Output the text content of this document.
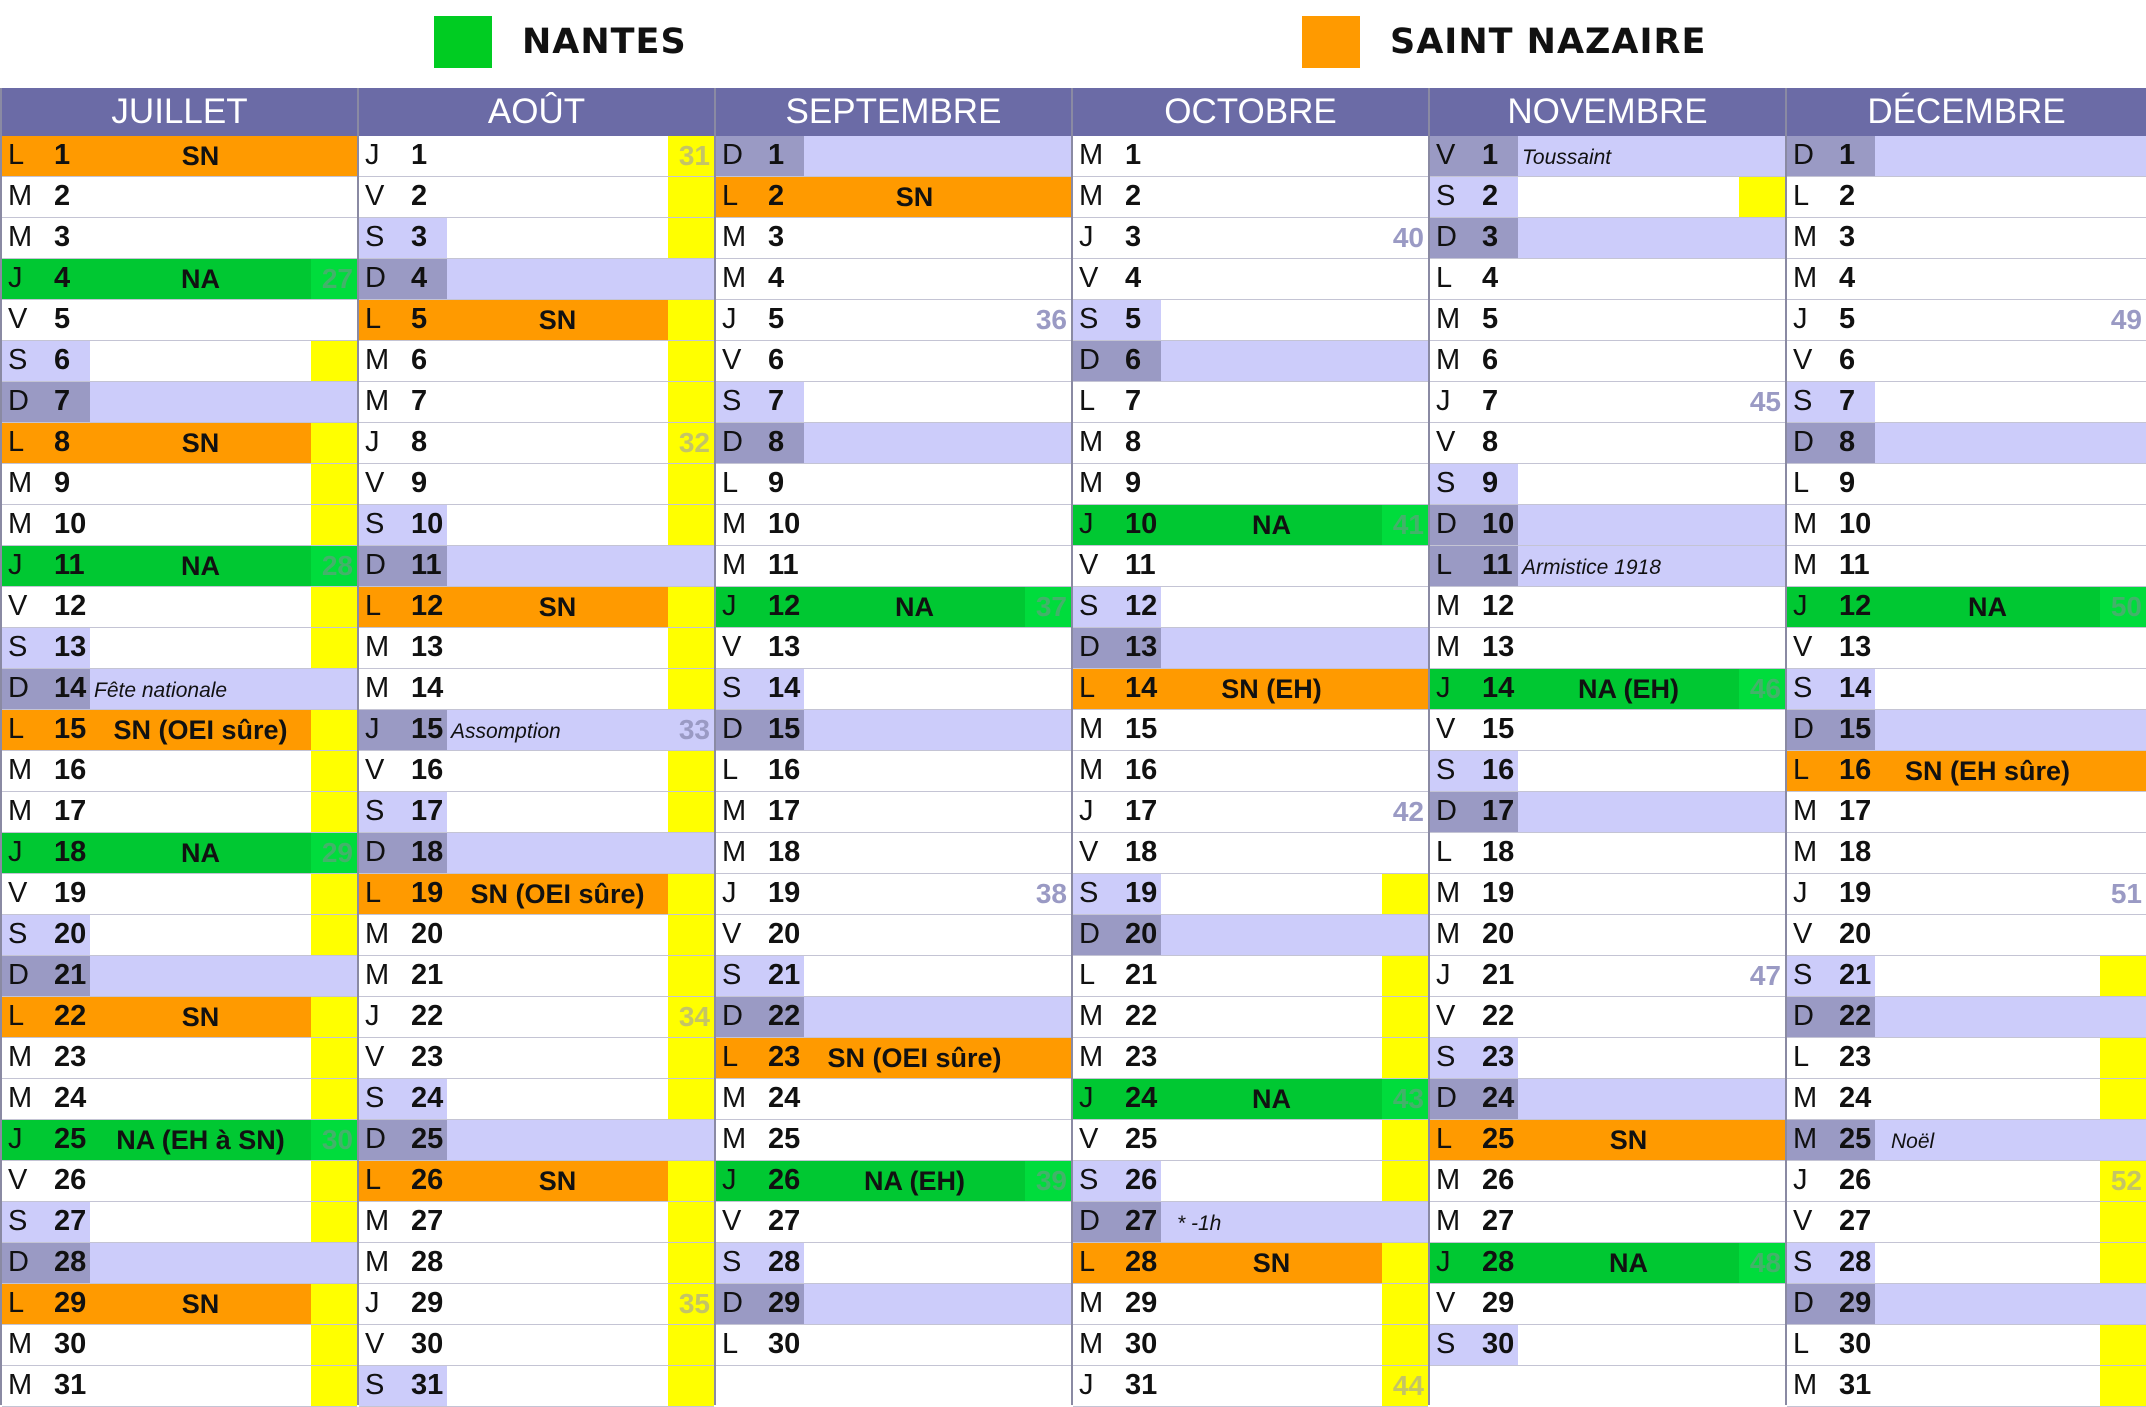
NANTES	SAINT NAZAIRE
JUILLET
L 1	SN
M 2
M 3
J 4	NA	27
V 5
S 6
D 7
L 8	SN
M 9
M 10
J 11	NA	28
V 12
S 13
D 14 Fête nationale
L 15	SN (OEI sûre)
M 16
M 17
J 18	NA	29
V 19
S 20
D 21
L 22	SN
M 23
M 24
J 25	NA (EH à SN)	30
V 26
S 27
D 28
L 29	SN
M 30
M 31
AOÛT
J 1	31
V 2
S 3
D 4
L 5	SN
M 6
M 7
J 8	32
V 9
S 10
D 11
L 12	SN
M 13
M 14
J 15 Assomption	33
V 16
S 17
D 18
L 19	SN (OEI sûre)
M 20
M 21
J 22	34
V 23
S 24
D 25
L 26	SN
M 27
M 28
J 29	35
V 30
S 31
SEPTEMBRE
D 1
L 2	SN
M 3
M 4
J 5	36
V 6
S 7
D 8
L 9
M 10
M 11
J 12	NA	37
V 13
S 14
D 15
L 16
M 17
M 18
J 19	38
V 20
S 21
D 22
L 23	SN (OEI sûre)
M 24
M 25
J 26	NA (EH)	39
V 27
S 28
D 29
L 30
OCTOBRE
M 1
M 2
J 3	40
V 4
S 5
D 6
L 7
M 8
M 9
J 10	NA	41
V 11
S 12
D 13
L 14	SN (EH)
M 15
M 16
J 17	42
V 18
S 19
D 20
L 21
M 22
M 23
J 24	NA	43
V 25
S 26
D 27 * -1h
L 28	SN
M 29
M 30
J 31	44
NOVEMBRE
V 1 Toussaint
S 2
D 3
L 4
M 5
M 6
J 7	45
V 8
S 9
D 10
L 11 Armistice 1918
M 12
M 13
J 14	NA (EH)	46
V 15
S 16
D 17
L 18
M 19
M 20
J 21	47
V 22
S 23
D 24
L 25	SN
M 26
M 27
J 28	NA	48
V 29
S 30
DÉCEMBRE
D 1
L 2
M 3
M 4
J 5	49
V 6
S 7
D 8
L 9
M 10
M 11
J 12	NA	50
V 13
S 14
D 15
L 16	SN (EH sûre)
M 17
M 18
J 19	51
V 20
S 21
D 22
L 23
M 24
M 25 Noël
J 26	52
V 27
S 28
D 29
L 30
M 31
